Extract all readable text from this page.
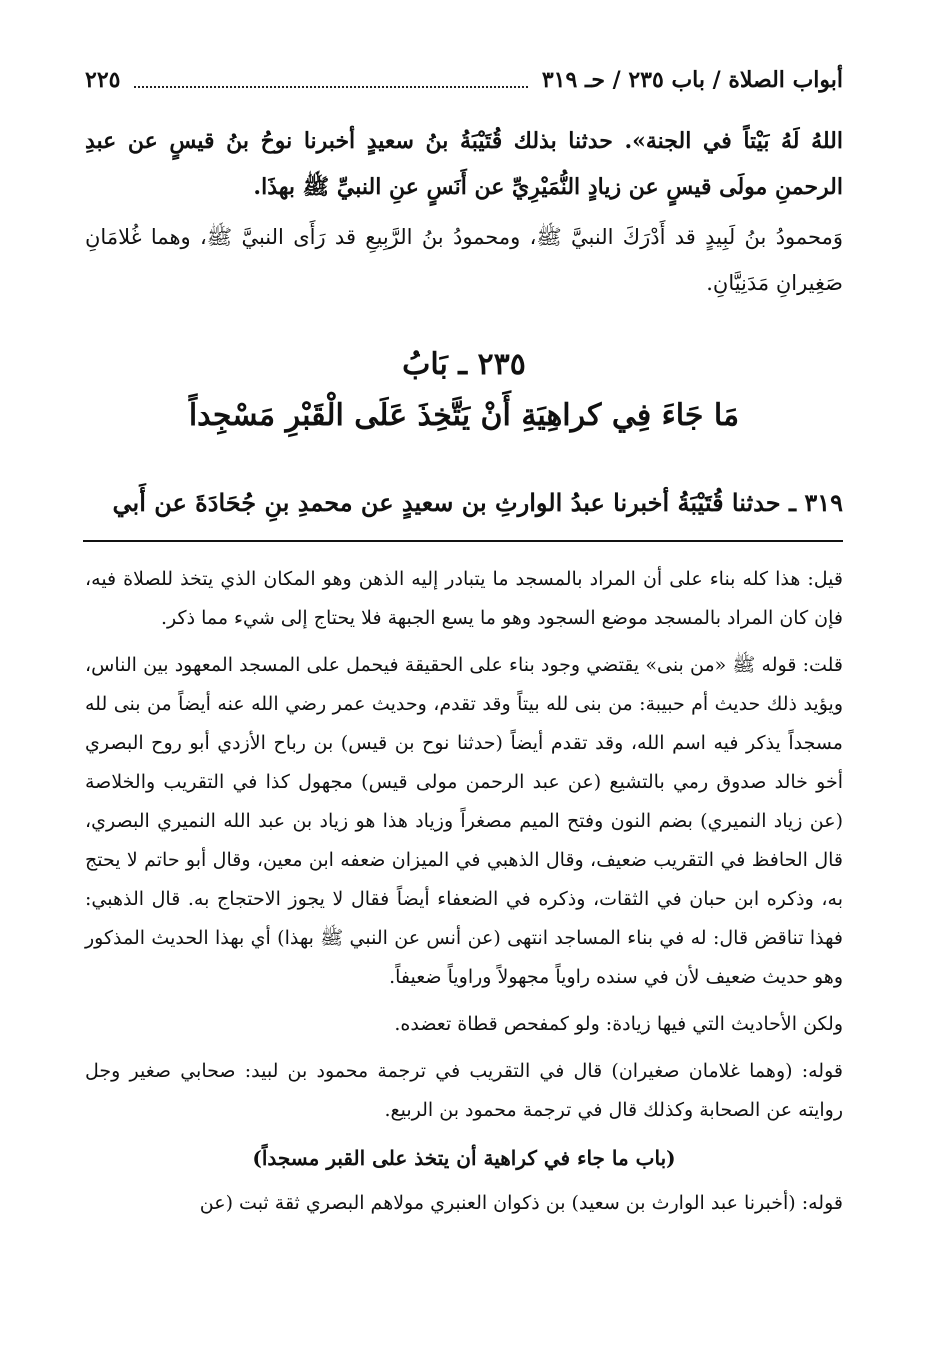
أبواب الصلاة / باب ٢٣٥ / حـ ٣١٩
٢٢٥

اللهُ لَهُ بَيْتاً في الجنة». حدثنا بذلك قُتَيْبَةُ بنُ سعيدٍ أخبرنا نوحُ بنُ قيسٍ عن عبدِ الرحمنِ مولَى قيسٍ عن زيادٍ النُّمَيْرِيِّ عن أَنَسٍ عنِ النبيِّ ﷺ بهذَا.

وَمحمودُ بنُ لَبِيدٍ قد أَدْرَكَ النبيَّ ﷺ، ومحمودُ بنُ الرَّبِيعِ قد رَأَى النبيَّ ﷺ، وهما غُلامَانِ صَغِيرانِ مَدَنِيَّانِ.

٢٣٥ ـ بَابُ
مَا جَاءَ فِي كراهِيَةِ أَنْ يَتَّخِذَ عَلَى الْقَبْرِ مَسْجِداً

٣١٩ ـ حدثنا قُتَيْبَةُ أخبرنا عبدُ الوارثِ بن سعيدٍ عن محمدِ بنِ جُحَادَةَ عن أَبي

قيل: هذا كله بناء على أن المراد بالمسجد ما يتبادر إليه الذهن وهو المكان الذي يتخذ للصلاة فيه، فإن كان المراد بالمسجد موضع السجود وهو ما يسع الجبهة فلا يحتاج إلى شيء مما ذكر.

قلت: قوله ﷺ «من بنى» يقتضي وجود بناء على الحقيقة فيحمل على المسجد المعهود بين الناس، ويؤيد ذلك حديث أم حبيبة: من بنى لله بيتاً وقد تقدم، وحديث عمر رضي الله عنه أيضاً من بنى لله مسجداً يذكر فيه اسم الله، وقد تقدم أيضاً (حدثنا نوح بن قيس) بن رباح الأزدي أبو روح البصري أخو خالد صدوق رمي بالتشيع (عن عبد الرحمن مولى قيس) مجهول كذا في التقريب والخلاصة (عن زياد النميري) بضم النون وفتح الميم مصغراً وزياد هذا هو زياد بن عبد الله النميري البصري، قال الحافظ في التقريب ضعيف، وقال الذهبي في الميزان ضعفه ابن معين، وقال أبو حاتم لا يحتج به، وذكره ابن حبان في الثقات، وذكره في الضعفاء أيضاً فقال لا يجوز الاحتجاج به. قال الذهبي: فهذا تناقض قال: له في بناء المساجد انتهى (عن أنس عن النبي ﷺ بهذا) أي بهذا الحديث المذكور وهو حديث ضعيف لأن في سنده راوياً مجهولاً وراوياً ضعيفاً.

ولكن الأحاديث التي فيها زيادة: ولو كمفحص قطاة تعضده.

قوله: (وهما غلامان صغيران) قال في التقريب في ترجمة محمود بن لبيد: صحابي صغير وجل روايته عن الصحابة وكذلك قال في ترجمة محمود بن الربيع.

(باب ما جاء في كراهية أن يتخذ على القبر مسجداً)

قوله: (أخبرنا عبد الوارث بن سعيد) بن ذكوان العنبري مولاهم البصري ثقة ثبت (عن
